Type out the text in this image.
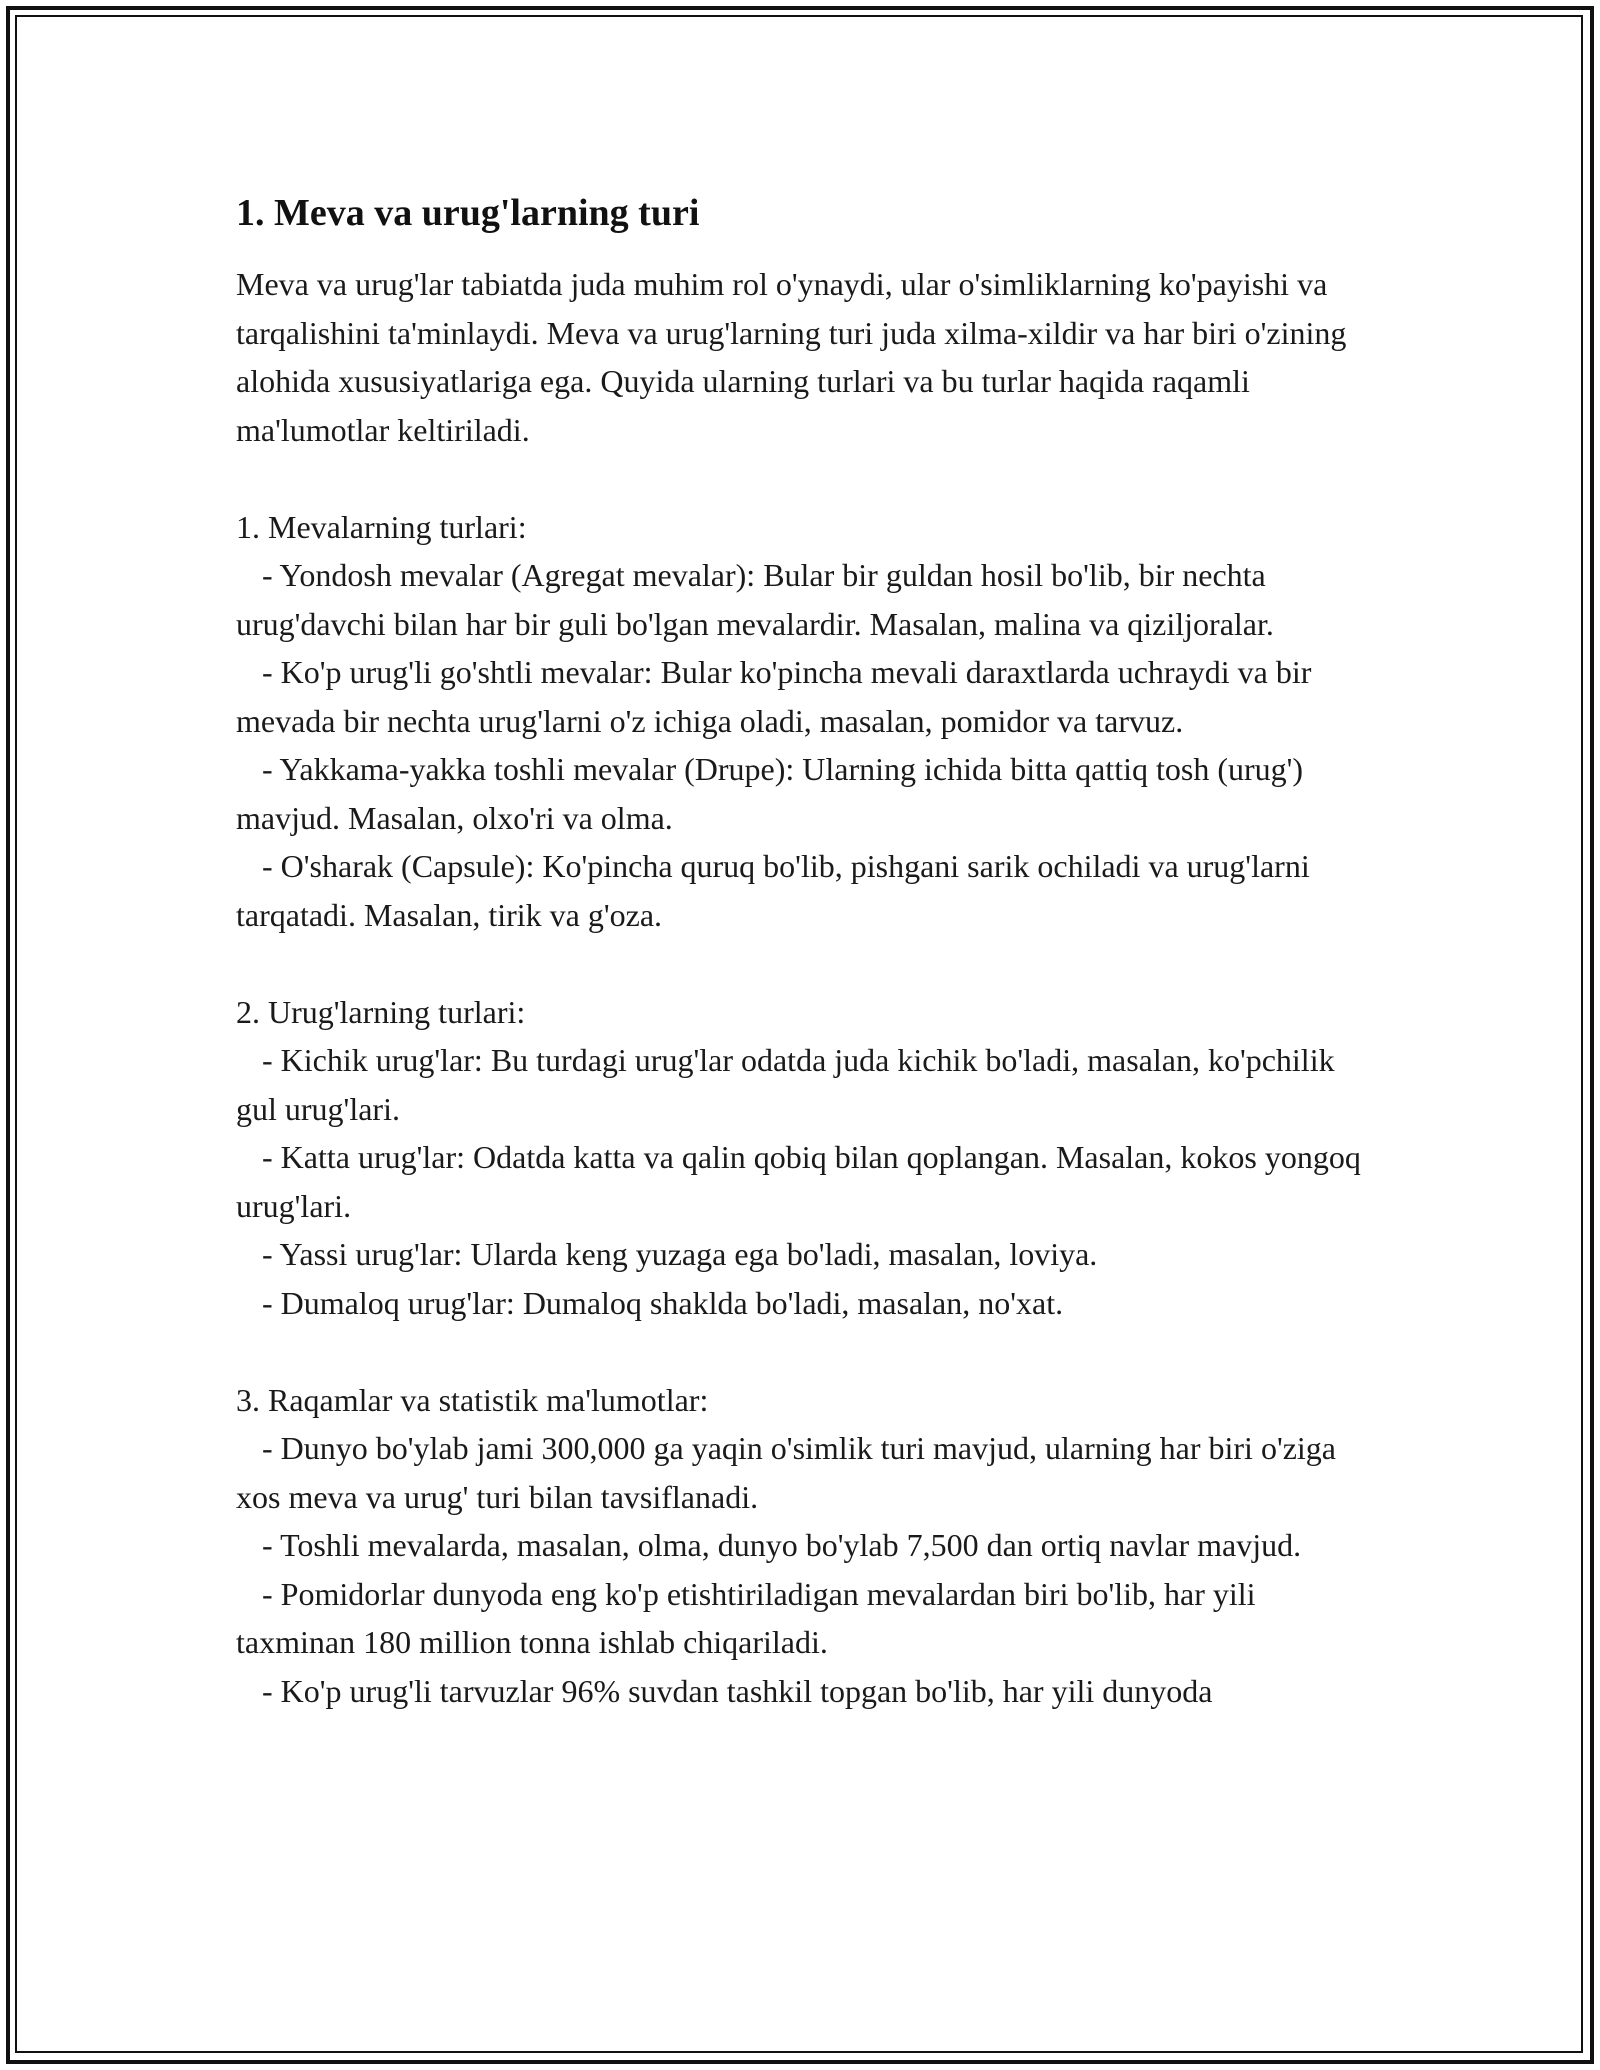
1. Meva va urug'larning turi

Meva va urug'lar tabiatda juda muhim rol o'ynaydi, ular o'simliklarning ko'payishi va tarqalishini ta'minlaydi. Meva va urug'larning turi juda xilma-xildir va har biri o'zining alohida xususiyatlariga ega. Quyida ularning turlari va bu turlar haqida raqamli ma'lumotlar keltiriladi.

1. Mevalarning turlari:

- Yondosh mevalar (Agregat mevalar): Bular bir guldan hosil bo'lib, bir nechta urug'davchi bilan har bir guli bo'lgan mevalardir. Masalan, malina va qiziljoralar.

- Ko'p urug'li go'shtli mevalar: Bular ko'pincha mevali daraxtlarda uchraydi va bir mevada bir nechta urug'larni o'z ichiga oladi, masalan, pomidor va tarvuz.

- Yakkama-yakka toshli mevalar (Drupe): Ularning ichida bitta qattiq tosh (urug') mavjud. Masalan, olxo'ri va olma.

- O'sharak (Capsule): Ko'pincha quruq bo'lib, pishgani sarik ochiladi va urug'larni tarqatadi. Masalan, tirik va g'oza.

2. Urug'larning turlari:

- Kichik urug'lar: Bu turdagi urug'lar odatda juda kichik bo'ladi, masalan, ko'pchilik gul urug'lari.

- Katta urug'lar: Odatda katta va qalin qobiq bilan qoplangan. Masalan, kokos yongoq urug'lari.

- Yassi urug'lar: Ularda keng yuzaga ega bo'ladi, masalan, loviya.

- Dumaloq urug'lar: Dumaloq shaklda bo'ladi, masalan, no'xat.

3. Raqamlar va statistik ma'lumotlar:

- Dunyo bo'ylab jami 300,000 ga yaqin o'simlik turi mavjud, ularning har biri o'ziga xos meva va urug' turi bilan tavsiflanadi.

- Toshli mevalarda, masalan, olma, dunyo bo'ylab 7,500 dan ortiq navlar mavjud.

- Pomidorlar dunyoda eng ko'p etishtiriladigan mevalardan biri bo'lib, har yili taxminan 180 million tonna ishlab chiqariladi.

- Ko'p urug'li tarvuzlar 96% suvdan tashkil topgan bo'lib, har yili dunyoda
